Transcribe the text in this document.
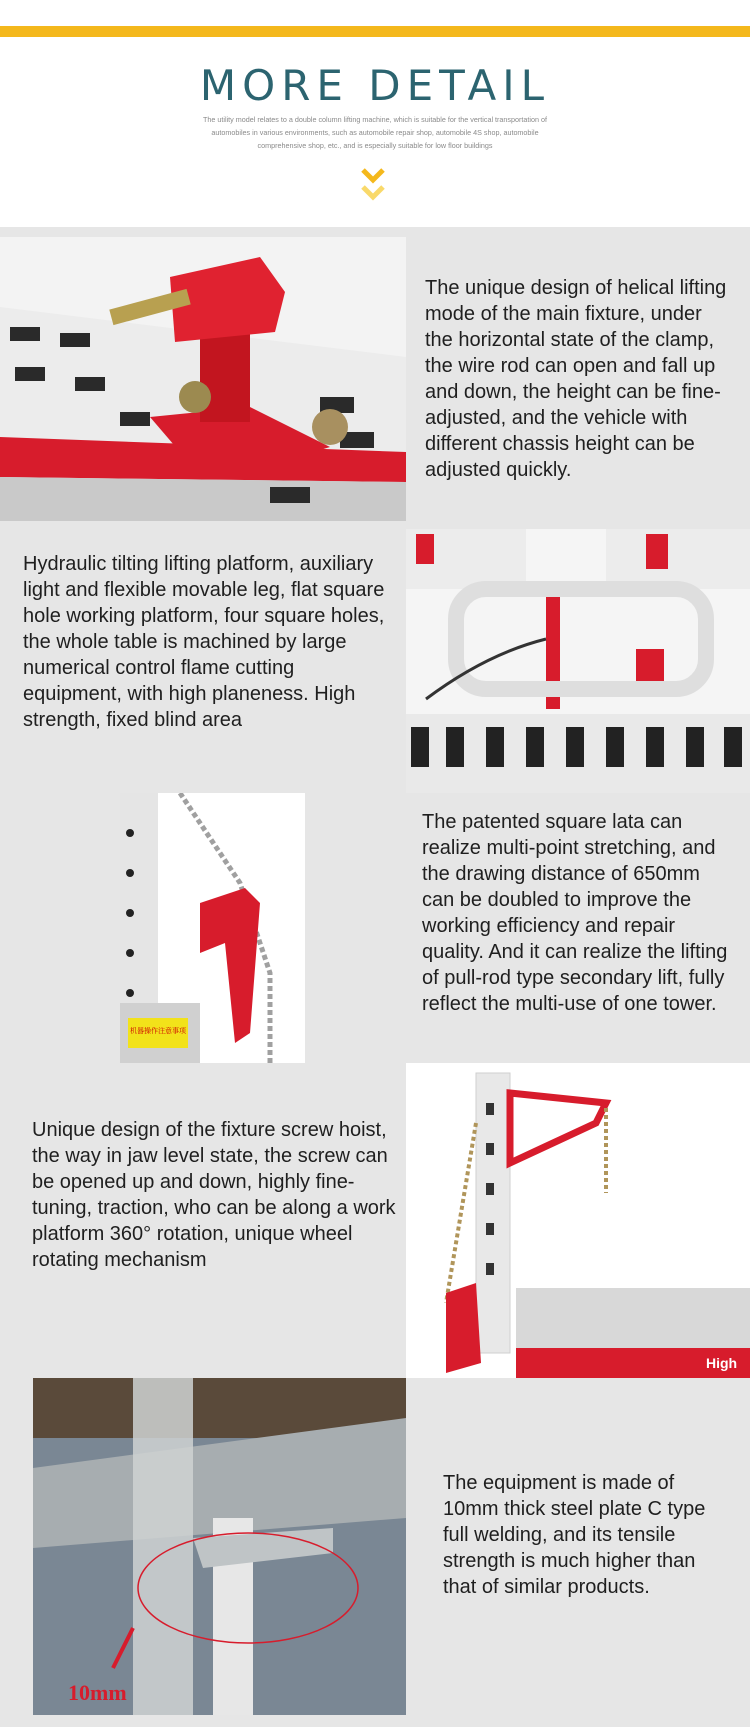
MORE DETAIL

The utility model relates to a double column lifting machine, which is suitable for the vertical transportation of automobiles in various environments, such as automobile repair shop, automobile 4S shop, automobile comprehensive shop, etc., and is especially suitable for low floor buildings

The unique design of helical lifting mode of the main fixture, under the horizontal state of the clamp, the wire rod can open and fall up and down, the height can be fine-adjusted, and the vehicle with different chassis height can be adjusted quickly.
Hydraulic tilting lifting platform, auxiliary light and flexible movable leg, flat square hole working platform, four square holes, the whole table is machined by large numerical control flame cutting equipment, with high planeness. High strength, fixed blind area
机器操作注意事项
The patented square lata can realize multi-point stretching, and the drawing distance of 650mm can be doubled to improve the working efficiency and repair quality. And it can realize the lifting of pull-rod type secondary lift, fully reflect the multi-use of one tower.
Unique design of the fixture screw hoist, the way in jaw level state, the screw can be opened up and down, highly fine-tuning, traction, who can be along a work platform 360° rotation, unique wheel rotating mechanism
High
10mm
The equipment is made of 10mm thick steel plate C type full welding, and its tensile strength is much higher than that of similar products.
